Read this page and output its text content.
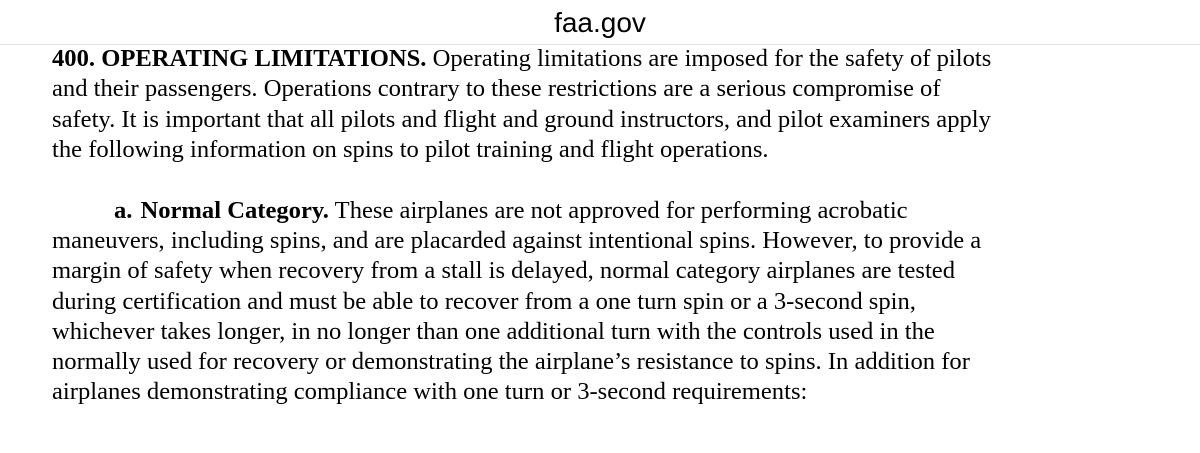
faa.gov

400. OPERATING LIMITATIONS. Operating limitations are imposed for the safety of pilots
and their passengers. Operations contrary to these restrictions are a serious compromise of
safety. It is important that all pilots and flight and ground instructors, and pilot examiners apply
the following information on spins to pilot training and flight operations.

a. Normal Category. These airplanes are not approved for performing acrobatic
maneuvers, including spins, and are placarded against intentional spins. However, to provide a
margin of safety when recovery from a stall is delayed, normal category airplanes are tested
during certification and must be able to recover from a one turn spin or a 3-second spin,
whichever takes longer, in no longer than one additional turn with the controls used in the
normally used for recovery or demonstrating the airplane’s resistance to spins. In addition for
airplanes demonstrating compliance with one turn or 3-second requirements:
